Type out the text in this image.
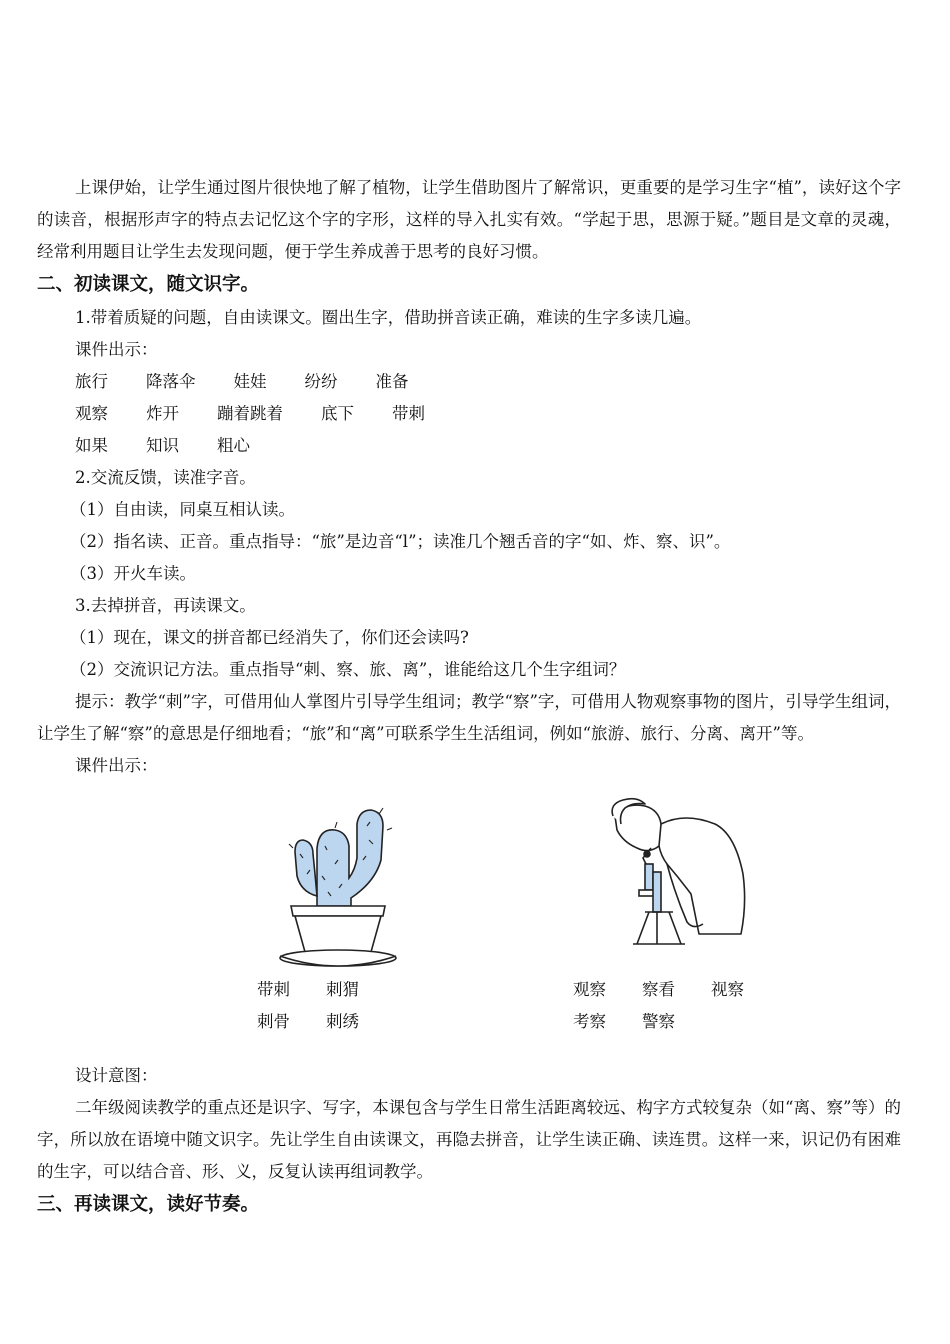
上课伊始，让学生通过图片很快地了解了植物，让学生借助图片了解常识，更重要的是学习生字“植”，读好这个字的读音，根据形声字的特点去记忆这个字的字形，这样的导入扎实有效。“学起于思，思源于疑。”题目是文章的灵魂，经常利用题目让学生去发现问题，便于学生养成善于思考的良好习惯。

二、初读课文，随文识字。

1.带着质疑的问题，自由读课文。圈出生字，借助拼音读正确，难读的生字多读几遍。

课件出示：

旅行 降落伞 娃娃 纷纷 准备
观察 炸开 蹦着跳着 底下 带刺
如果 知识 粗心

2.交流反馈，读准字音。

（1）自由读，同桌互相认读。

（2）指名读、正音。重点指导：“旅”是边音“l”；读准几个翘舌音的字“如、炸、察、识”。

（3）开火车读。

3.去掉拼音，再读课文。

（1）现在，课文的拼音都已经消失了，你们还会读吗?

（2）交流识记方法。重点指导“刺、察、旅、离”，谁能给这几个生字组词？

提示：教学“刺”字，可借用仙人掌图片引导学生组词；教学“察”字，可借用人物观察事物的图片，引导学生组词，让学生了解“察”的意思是仔细地看；“旅”和“离”可联系学生生活组词，例如“旅游、旅行、分离、离开”等。

课件出示：

带刺 刺猬
刺骨 刺绣
观察 察看 视察
考察 警察

设计意图：

二年级阅读教学的重点还是识字、写字，本课包含与学生日常生活距离较远、构字方式较复杂（如“离、察”等）的字，所以放在语境中随文识字。先让学生自由读课文，再隐去拼音，让学生读正确、读连贯。这样一来，识记仍有困难的生字，可以结合音、形、义，反复认读再组词教学。

三、再读课文，读好节奏。
